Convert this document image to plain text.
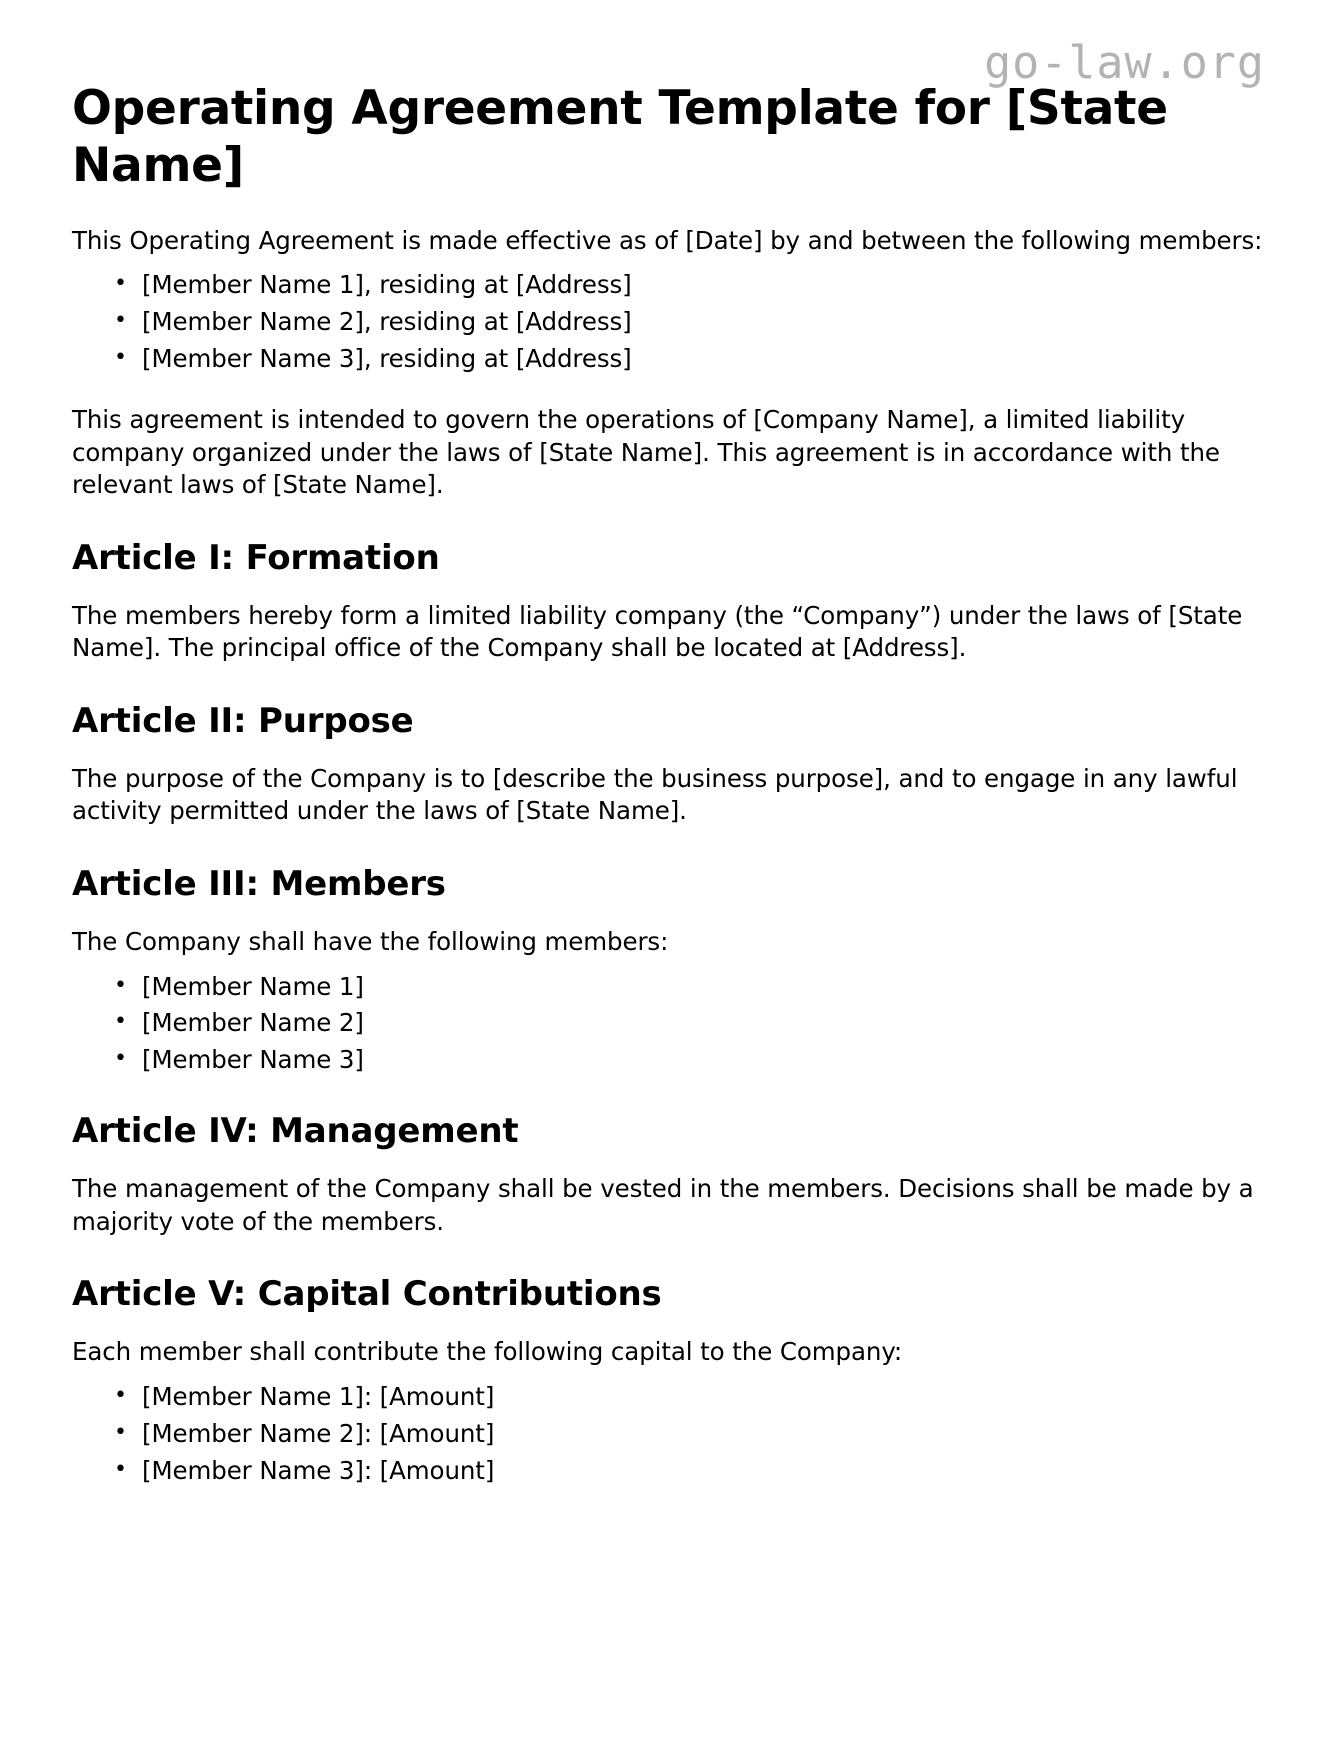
go-law.org
Operating Agreement Template for [State Name]

This Operating Agreement is made effective as of [Date] by and between the following members:

• [Member Name 1], residing at [Address]
• [Member Name 2], residing at [Address]
• [Member Name 3], residing at [Address]

This agreement is intended to govern the operations of [Company Name], a limited liability company organized under the laws of [State Name]. This agreement is in accordance with the relevant laws of [State Name].

Article I: Formation

The members hereby form a limited liability company (the “Company”) under the laws of [State Name]. The principal office of the Company shall be located at [Address].

Article II: Purpose

The purpose of the Company is to [describe the business purpose], and to engage in any lawful activity permitted under the laws of [State Name].

Article III: Members

The Company shall have the following members:

• [Member Name 1]
• [Member Name 2]
• [Member Name 3]
Article IV: Management

The management of the Company shall be vested in the members. Decisions shall be made by a majority vote of the members.

Article V: Capital Contributions

Each member shall contribute the following capital to the Company:

• [Member Name 1]: [Amount]
• [Member Name 2]: [Amount]
• [Member Name 3]: [Amount]
